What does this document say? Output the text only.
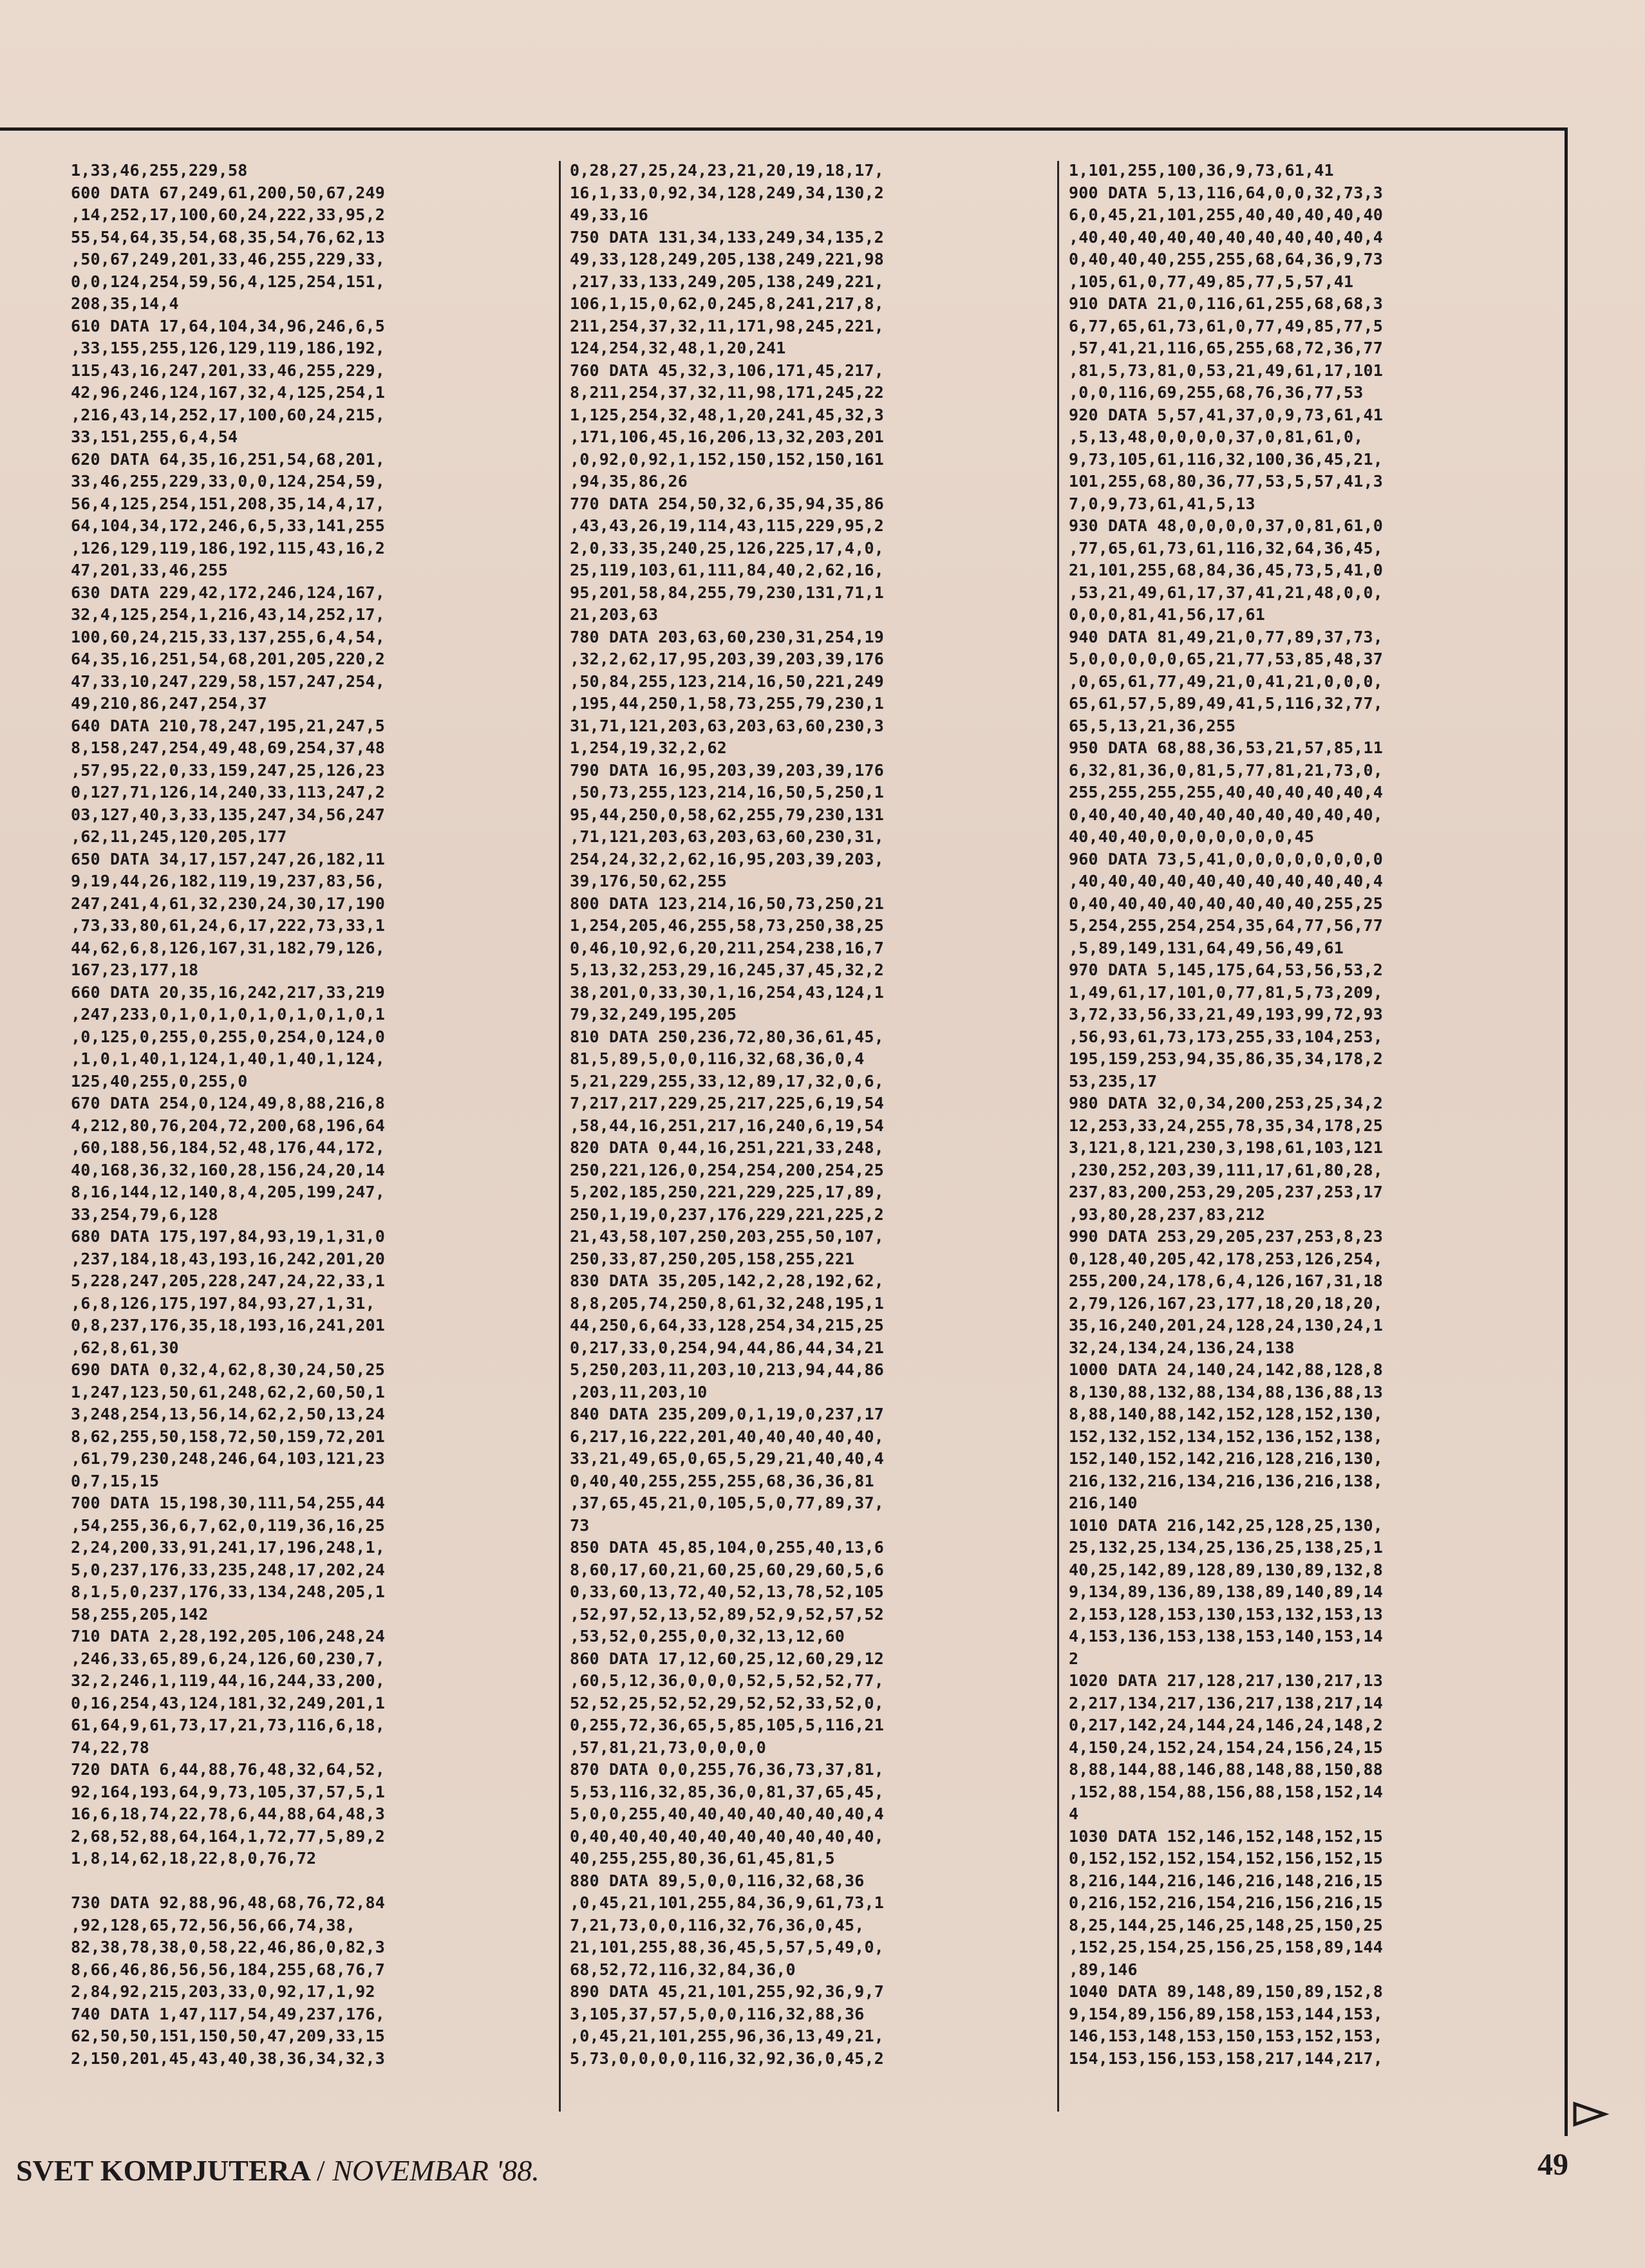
1,33,46,255,229,58
600 DATA 67,249,61,200,50,67,249
,14,252,17,100,60,24,222,33,95,2
55,54,64,35,54,68,35,54,76,62,13
,50,67,249,201,33,46,255,229,33,
0,0,124,254,59,56,4,125,254,151,
208,35,14,4
610 DATA 17,64,104,34,96,246,6,5
,33,155,255,126,129,119,186,192,
115,43,16,247,201,33,46,255,229,
42,96,246,124,167,32,4,125,254,1
,216,43,14,252,17,100,60,24,215,
33,151,255,6,4,54
620 DATA 64,35,16,251,54,68,201,
33,46,255,229,33,0,0,124,254,59,
56,4,125,254,151,208,35,14,4,17,
64,104,34,172,246,6,5,33,141,255
,126,129,119,186,192,115,43,16,2
47,201,33,46,255
630 DATA 229,42,172,246,124,167,
32,4,125,254,1,216,43,14,252,17,
100,60,24,215,33,137,255,6,4,54,
64,35,16,251,54,68,201,205,220,2
47,33,10,247,229,58,157,247,254,
49,210,86,247,254,37
640 DATA 210,78,247,195,21,247,5
8,158,247,254,49,48,69,254,37,48
,57,95,22,0,33,159,247,25,126,23
0,127,71,126,14,240,33,113,247,2
03,127,40,3,33,135,247,34,56,247
,62,11,245,120,205,177
650 DATA 34,17,157,247,26,182,11
9,19,44,26,182,119,19,237,83,56,
247,241,4,61,32,230,24,30,17,190
,73,33,80,61,24,6,17,222,73,33,1
44,62,6,8,126,167,31,182,79,126,
167,23,177,18
660 DATA 20,35,16,242,217,33,219
,247,233,0,1,0,1,0,1,0,1,0,1,0,1
,0,125,0,255,0,255,0,254,0,124,0
,1,0,1,40,1,124,1,40,1,40,1,124,
125,40,255,0,255,0
670 DATA 254,0,124,49,8,88,216,8
4,212,80,76,204,72,200,68,196,64
,60,188,56,184,52,48,176,44,172,
40,168,36,32,160,28,156,24,20,14
8,16,144,12,140,8,4,205,199,247,
33,254,79,6,128
680 DATA 175,197,84,93,19,1,31,0
,237,184,18,43,193,16,242,201,20
5,228,247,205,228,247,24,22,33,1
,6,8,126,175,197,84,93,27,1,31,
0,8,237,176,35,18,193,16,241,201
,62,8,61,30
690 DATA 0,32,4,62,8,30,24,50,25
1,247,123,50,61,248,62,2,60,50,1
3,248,254,13,56,14,62,2,50,13,24
8,62,255,50,158,72,50,159,72,201
,61,79,230,248,246,64,103,121,23
0,7,15,15
700 DATA 15,198,30,111,54,255,44
,54,255,36,6,7,62,0,119,36,16,25
2,24,200,33,91,241,17,196,248,1,
5,0,237,176,33,235,248,17,202,24
8,1,5,0,237,176,33,134,248,205,1
58,255,205,142
710 DATA 2,28,192,205,106,248,24
,246,33,65,89,6,24,126,60,230,7,
32,2,246,1,119,44,16,244,33,200,
0,16,254,43,124,181,32,249,201,1
61,64,9,61,73,17,21,73,116,6,18,
74,22,78
720 DATA 6,44,88,76,48,32,64,52,
92,164,193,64,9,73,105,37,57,5,1
16,6,18,74,22,78,6,44,88,64,48,3
2,68,52,88,64,164,1,72,77,5,89,2
1,8,14,62,18,22,8,0,76,72

730 DATA 92,88,96,48,68,76,72,84
,92,128,65,72,56,56,66,74,38,
82,38,78,38,0,58,22,46,86,0,82,3
8,66,46,86,56,56,184,255,68,76,7
2,84,92,215,203,33,0,92,17,1,92
740 DATA 1,47,117,54,49,237,176,
62,50,50,151,150,50,47,209,33,15
2,150,201,45,43,40,38,36,34,32,3
0,28,27,25,24,23,21,20,19,18,17,
16,1,33,0,92,34,128,249,34,130,2
49,33,16
750 DATA 131,34,133,249,34,135,2
49,33,128,249,205,138,249,221,98
,217,33,133,249,205,138,249,221,
106,1,15,0,62,0,245,8,241,217,8,
211,254,37,32,11,171,98,245,221,
124,254,32,48,1,20,241
760 DATA 45,32,3,106,171,45,217,
8,211,254,37,32,11,98,171,245,22
1,125,254,32,48,1,20,241,45,32,3
,171,106,45,16,206,13,32,203,201
,0,92,0,92,1,152,150,152,150,161
,94,35,86,26
770 DATA 254,50,32,6,35,94,35,86
,43,43,26,19,114,43,115,229,95,2
2,0,33,35,240,25,126,225,17,4,0,
25,119,103,61,111,84,40,2,62,16,
95,201,58,84,255,79,230,131,71,1
21,203,63
780 DATA 203,63,60,230,31,254,19
,32,2,62,17,95,203,39,203,39,176
,50,84,255,123,214,16,50,221,249
,195,44,250,1,58,73,255,79,230,1
31,71,121,203,63,203,63,60,230,3
1,254,19,32,2,62
790 DATA 16,95,203,39,203,39,176
,50,73,255,123,214,16,50,5,250,1
95,44,250,0,58,62,255,79,230,131
,71,121,203,63,203,63,60,230,31,
254,24,32,2,62,16,95,203,39,203,
39,176,50,62,255
800 DATA 123,214,16,50,73,250,21
1,254,205,46,255,58,73,250,38,25
0,46,10,92,6,20,211,254,238,16,7
5,13,32,253,29,16,245,37,45,32,2
38,201,0,33,30,1,16,254,43,124,1
79,32,249,195,205
810 DATA 250,236,72,80,36,61,45,
81,5,89,5,0,0,116,32,68,36,0,4
5,21,229,255,33,12,89,17,32,0,6,
7,217,217,229,25,217,225,6,19,54
,58,44,16,251,217,16,240,6,19,54
820 DATA 0,44,16,251,221,33,248,
250,221,126,0,254,254,200,254,25
5,202,185,250,221,229,225,17,89,
250,1,19,0,237,176,229,221,225,2
21,43,58,107,250,203,255,50,107,
250,33,87,250,205,158,255,221
830 DATA 35,205,142,2,28,192,62,
8,8,205,74,250,8,61,32,248,195,1
44,250,6,64,33,128,254,34,215,25
0,217,33,0,254,94,44,86,44,34,21
5,250,203,11,203,10,213,94,44,86
,203,11,203,10
840 DATA 235,209,0,1,19,0,237,17
6,217,16,222,201,40,40,40,40,40,
33,21,49,65,0,65,5,29,21,40,40,4
0,40,40,255,255,255,68,36,36,81
,37,65,45,21,0,105,5,0,77,89,37,
73
850 DATA 45,85,104,0,255,40,13,6
8,60,17,60,21,60,25,60,29,60,5,6
0,33,60,13,72,40,52,13,78,52,105
,52,97,52,13,52,89,52,9,52,57,52
,53,52,0,255,0,0,32,13,12,60
860 DATA 17,12,60,25,12,60,29,12
,60,5,12,36,0,0,0,52,5,52,52,77,
52,52,25,52,52,29,52,52,33,52,0,
0,255,72,36,65,5,85,105,5,116,21
,57,81,21,73,0,0,0,0
870 DATA 0,0,255,76,36,73,37,81,
5,53,116,32,85,36,0,81,37,65,45,
5,0,0,255,40,40,40,40,40,40,40,4
0,40,40,40,40,40,40,40,40,40,40,
40,255,255,80,36,61,45,81,5
880 DATA 89,5,0,0,116,32,68,36
,0,45,21,101,255,84,36,9,61,73,1
7,21,73,0,0,116,32,76,36,0,45,
21,101,255,88,36,45,5,57,5,49,0,
68,52,72,116,32,84,36,0
890 DATA 45,21,101,255,92,36,9,7
3,105,37,57,5,0,0,116,32,88,36
,0,45,21,101,255,96,36,13,49,21,
5,73,0,0,0,0,116,32,92,36,0,45,2
1,101,255,100,36,9,73,61,41
900 DATA 5,13,116,64,0,0,32,73,3
6,0,45,21,101,255,40,40,40,40,40
,40,40,40,40,40,40,40,40,40,40,4
0,40,40,40,255,255,68,64,36,9,73
,105,61,0,77,49,85,77,5,57,41
910 DATA 21,0,116,61,255,68,68,3
6,77,65,61,73,61,0,77,49,85,77,5
,57,41,21,116,65,255,68,72,36,77
,81,5,73,81,0,53,21,49,61,17,101
,0,0,116,69,255,68,76,36,77,53
920 DATA 5,57,41,37,0,9,73,61,41
,5,13,48,0,0,0,0,37,0,81,61,0,
9,73,105,61,116,32,100,36,45,21,
101,255,68,80,36,77,53,5,57,41,3
7,0,9,73,61,41,5,13
930 DATA 48,0,0,0,0,37,0,81,61,0
,77,65,61,73,61,116,32,64,36,45,
21,101,255,68,84,36,45,73,5,41,0
,53,21,49,61,17,37,41,21,48,0,0,
0,0,0,81,41,56,17,61
940 DATA 81,49,21,0,77,89,37,73,
5,0,0,0,0,0,65,21,77,53,85,48,37
,0,65,61,77,49,21,0,41,21,0,0,0,
65,61,57,5,89,49,41,5,116,32,77,
65,5,13,21,36,255
950 DATA 68,88,36,53,21,57,85,11
6,32,81,36,0,81,5,77,81,21,73,0,
255,255,255,255,40,40,40,40,40,4
0,40,40,40,40,40,40,40,40,40,40,
40,40,40,0,0,0,0,0,0,0,45
960 DATA 73,5,41,0,0,0,0,0,0,0,0
,40,40,40,40,40,40,40,40,40,40,4
0,40,40,40,40,40,40,40,40,255,25
5,254,255,254,254,35,64,77,56,77
,5,89,149,131,64,49,56,49,61
970 DATA 5,145,175,64,53,56,53,2
1,49,61,17,101,0,77,81,5,73,209,
3,72,33,56,33,21,49,193,99,72,93
,56,93,61,73,173,255,33,104,253,
195,159,253,94,35,86,35,34,178,2
53,235,17
980 DATA 32,0,34,200,253,25,34,2
12,253,33,24,255,78,35,34,178,25
3,121,8,121,230,3,198,61,103,121
,230,252,203,39,111,17,61,80,28,
237,83,200,253,29,205,237,253,17
,93,80,28,237,83,212
990 DATA 253,29,205,237,253,8,23
0,128,40,205,42,178,253,126,254,
255,200,24,178,6,4,126,167,31,18
2,79,126,167,23,177,18,20,18,20,
35,16,240,201,24,128,24,130,24,1
32,24,134,24,136,24,138
1000 DATA 24,140,24,142,88,128,8
8,130,88,132,88,134,88,136,88,13
8,88,140,88,142,152,128,152,130,
152,132,152,134,152,136,152,138,
152,140,152,142,216,128,216,130,
216,132,216,134,216,136,216,138,
216,140
1010 DATA 216,142,25,128,25,130,
25,132,25,134,25,136,25,138,25,1
40,25,142,89,128,89,130,89,132,8
9,134,89,136,89,138,89,140,89,14
2,153,128,153,130,153,132,153,13
4,153,136,153,138,153,140,153,14
2
1020 DATA 217,128,217,130,217,13
2,217,134,217,136,217,138,217,14
0,217,142,24,144,24,146,24,148,2
4,150,24,152,24,154,24,156,24,15
8,88,144,88,146,88,148,88,150,88
,152,88,154,88,156,88,158,152,14
4
1030 DATA 152,146,152,148,152,15
0,152,152,152,154,152,156,152,15
8,216,144,216,146,216,148,216,15
0,216,152,216,154,216,156,216,15
8,25,144,25,146,25,148,25,150,25
,152,25,154,25,156,25,158,89,144
,89,146
1040 DATA 89,148,89,150,89,152,8
9,154,89,156,89,158,153,144,153,
146,153,148,153,150,153,152,153,
154,153,156,153,158,217,144,217,
SVET KOMPJUTERA / NOVEMBAR '88.	49
